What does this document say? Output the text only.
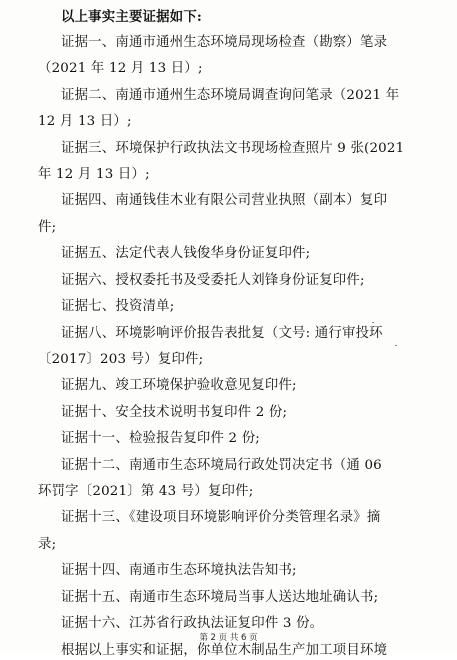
以上事实主要证据如下:
证据一、南通市通州生态环境局现场检查（勘察）笔录
（2021 年 12 月 13 日）;
证据二、南通市通州生态环境局调查询问笔录（2021 年
12 月 13 日）;
证据三、环境保护行政执法文书现场检查照片 9 张(2021
年 12 月 13 日）;
证据四、南通钱佳木业有限公司营业执照（副本）复印
件;
证据五、法定代表人钱俊华身份证复印件;
证据六、授权委托书及受委托人刘锋身份证复印件;
证据七、投资清单;
证据八、环境影响评价报告表批复（文号: 通行审投环
〔2017〕203 号）复印件;
证据九、竣工环境保护验收意见复印件;
证据十、安全技术说明书复印件 2 份;
证据十一、检验报告复印件 2 份;
证据十二、南通市生态环境局行政处罚决定书（通 06
环罚字〔2021〕第 43 号）复印件;
证据十三、《建设项目环境影响评价分类管理名录》摘
录;
证据十四、南通市生态环境执法告知书;
证据十五、南通市生态环境局当事人送达地址确认书;
证据十六、江苏省行政执法证复印件 3 份。
根据以上事实和证据，你单位木制品生产加工项目环境
第 2 页 共 6 页
